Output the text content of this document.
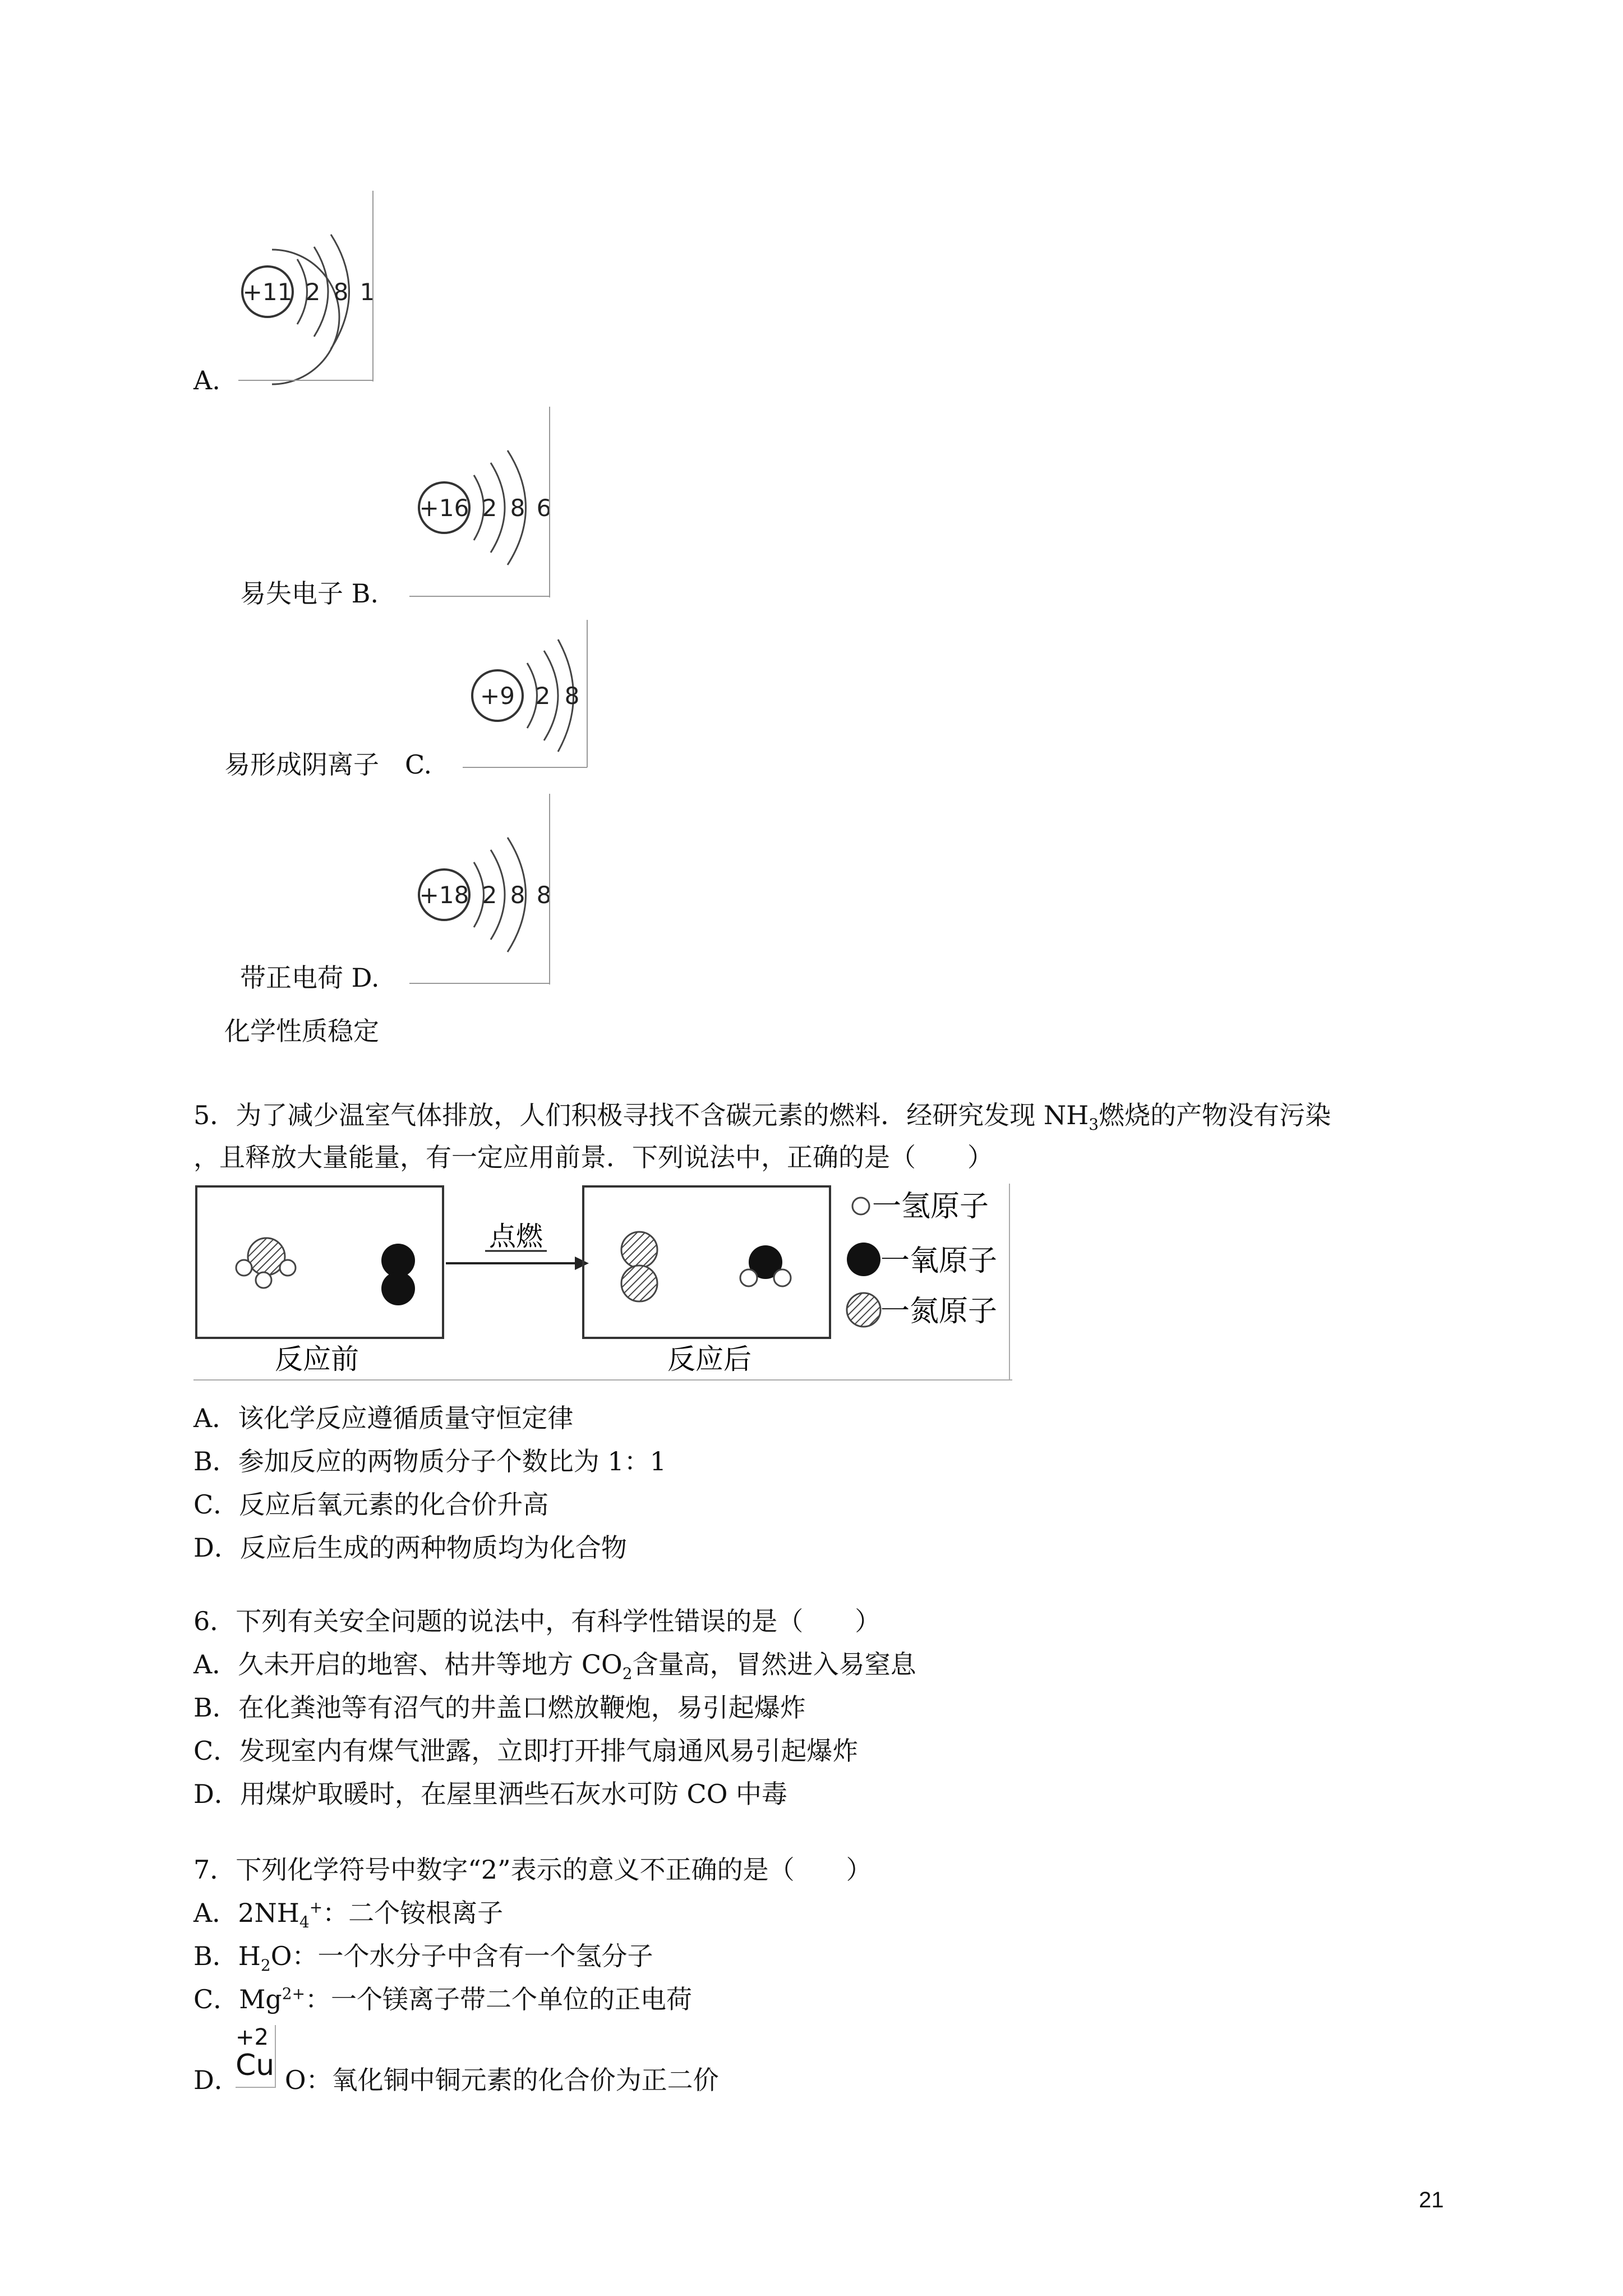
+11 2 8 1
A.
+16 2 8 6
易失电子 B.
+9 2 8
易形成阴离子　 C.
+18 2 8 8
带正电荷 D.
化学性质稳定
5．为了减少温室气体排放，人们积极寻找不含碳元素的燃料．经研究发现 $NH_3$燃烧的产物没有污染
，且释放大量能量，有一定应用前景．下列说法中，正确的是（　　）
点燃
反应前	反应后
一氢原子
一氧原子
一氮原子
A．该化学反应遵循质量守恒定律
B．参加反应的两物质分子个数比为 1：1
C．反应后氧元素的化合价升高
D．反应后生成的两种物质均为化合物
6．下列有关安全问题的说法中，有科学性错误的是（　　）
A．久未开启的地窖、枯井等地方 $CO_2$含量高，冒然进入易窒息
B．在化粪池等有沼气的井盖口燃放鞭炮，易引起爆炸
C．发现室内有煤气泄露，立即打开排气扇通风易引起爆炸
D．用煤炉取暖时，在屋里洒些石灰水可防 CO 中毒
7．下列化学符号中数字“2”表示的意义不正确的是（　　）
A．$2NH_4^+$：二个铵根离子
B．$H_2O$：一个水分子中含有一个氢分子
C．$Mg^{2+}$：一个镁离子带二个单位的正电荷
+2
Cu
D． O：氧化铜中铜元素的化合价为正二价
21
